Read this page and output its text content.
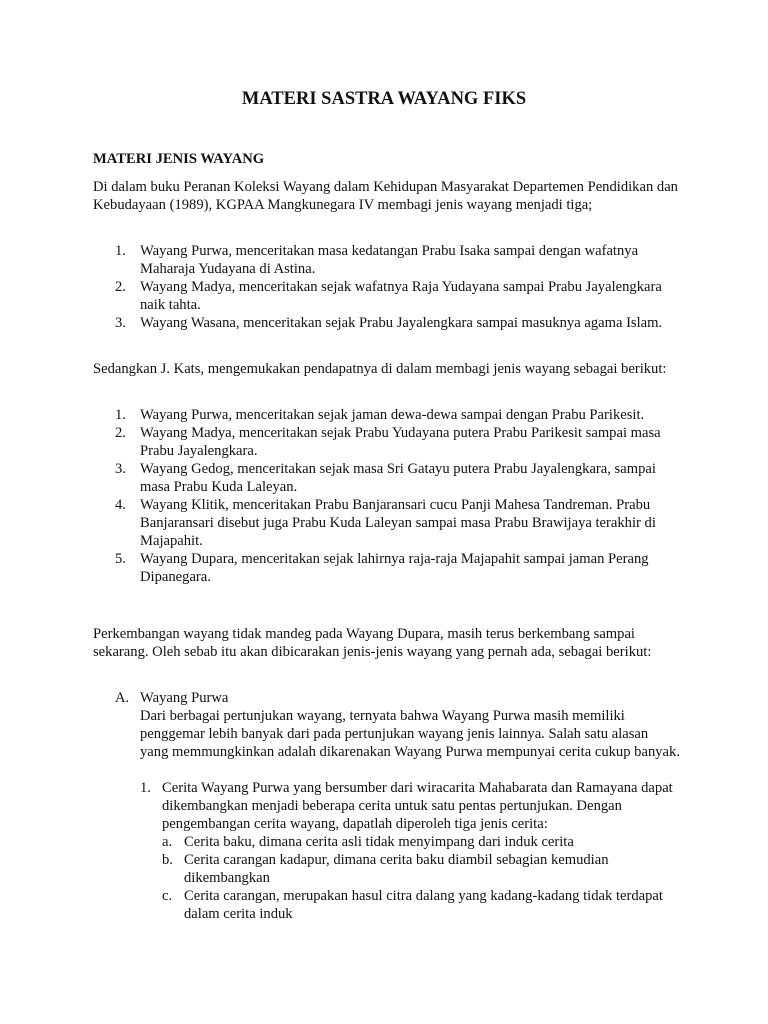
MATERI SASTRA WAYANG FIKS
MATERI JENIS WAYANG

Di dalam buku Peranan Koleksi Wayang dalam Kehidupan Masyarakat Departemen Pendidikan dan Kebudayaan (1989), KGPAA Mangkunegara IV membagi jenis wayang menjadi tiga;

1. Wayang Purwa, menceritakan masa kedatangan Prabu Isaka sampai dengan wafatnya Maharaja Yudayana di Astina.
2. Wayang Madya, menceritakan sejak wafatnya Raja Yudayana sampai Prabu Jayalengkara naik tahta.
3. Wayang Wasana, menceritakan sejak Prabu Jayalengkara sampai masuknya agama Islam.

Sedangkan J. Kats, mengemukakan pendapatnya di dalam membagi jenis wayang sebagai berikut:

1. Wayang Purwa, menceritakan sejak jaman dewa-dewa sampai dengan Prabu Parikesit.
2. Wayang Madya, menceritakan sejak Prabu Yudayana putera Prabu Parikesit sampai masa Prabu Jayalengkara.
3. Wayang Gedog, menceritakan sejak masa Sri Gatayu putera Prabu Jayalengkara, sampai masa Prabu Kuda Laleyan.
4. Wayang Klitik, menceritakan Prabu Banjaransari cucu Panji Mahesa Tandreman. Prabu Banjaransari disebut juga Prabu Kuda Laleyan sampai masa Prabu Brawijaya terakhir di Majapahit.
5. Wayang Dupara, menceritakan sejak lahirnya raja-raja Majapahit sampai jaman Perang Dipanegara.

Perkembangan wayang tidak mandeg pada Wayang Dupara, masih terus berkembang sampai sekarang. Oleh sebab itu akan dibicarakan jenis-jenis wayang yang pernah ada, sebagai berikut:

A. Wayang Purwa

Dari berbagai pertunjukan wayang, ternyata bahwa Wayang Purwa masih memiliki penggemar lebih banyak dari pada pertunjukan wayang jenis lainnya. Salah satu alasan yang memmungkinkan adalah dikarenakan Wayang Purwa mempunyai cerita cukup banyak.

1. Cerita Wayang Purwa yang bersumber dari wiracarita Mahabarata dan Ramayana dapat dikembangkan menjadi beberapa cerita untuk satu pentas pertunjukan. Dengan pengembangan cerita wayang, dapatlah diperoleh tiga jenis cerita:

a. Cerita baku, dimana cerita asli tidak menyimpang dari induk cerita
b. Cerita carangan kadapur, dimana cerita baku diambil sebagian kemudian dikembangkan
c. Cerita carangan, merupakan hasul citra dalang yang kadang-kadang tidak terdapat dalam cerita induk
